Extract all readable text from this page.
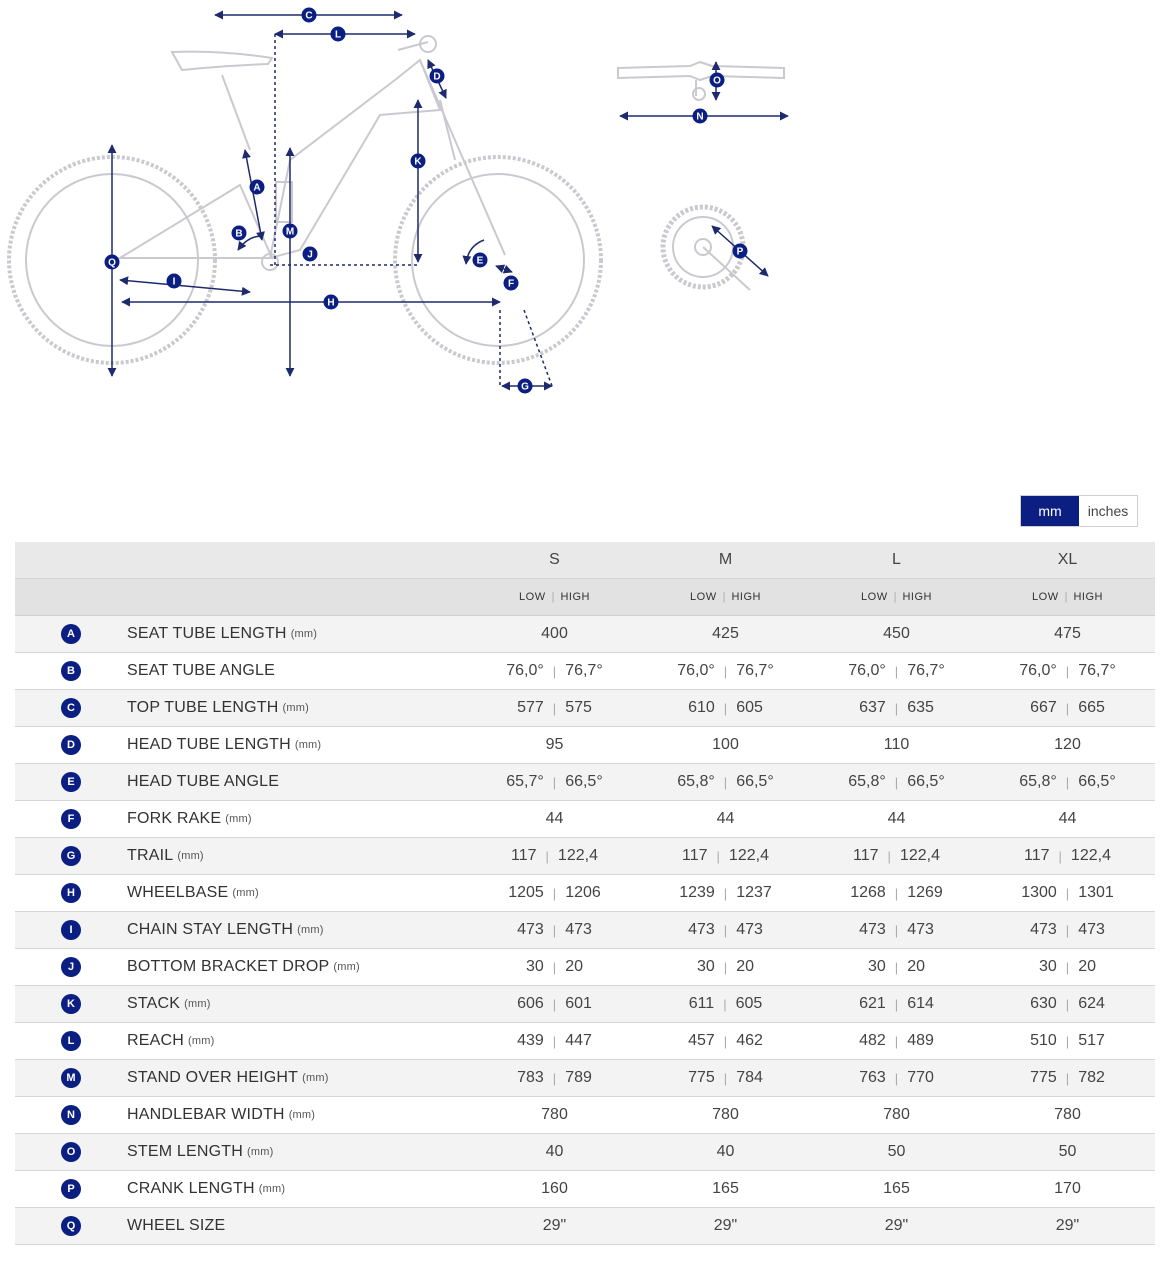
A
B
C
D
E
F
G
H
I
J
K
L
M
N
O
P
Q
mm	inches
S	M	L	XL
LOW | HIGH	LOW | HIGH	LOW | HIGH	LOW | HIGH
A	SEAT TUBE LENGTH (mm)	400	425	450	475
B	SEAT TUBE ANGLE	76,0° | 76,7°	76,0° | 76,7°	76,0° | 76,7°	76,0° | 76,7°
C	TOP TUBE LENGTH (mm)	577 | 575	610 | 605	637 | 635	667 | 665
D	HEAD TUBE LENGTH (mm)	95	100	110	120
E	HEAD TUBE ANGLE	65,7° | 66,5°	65,8° | 66,5°	65,8° | 66,5°	65,8° | 66,5°
F	FORK RAKE (mm)	44	44	44	44
G	TRAIL (mm)	117 | 122,4	117 | 122,4	117 | 122,4	117 | 122,4
H	WHEELBASE (mm)	1205 | 1206	1239 | 1237	1268 | 1269	1300 | 1301
I	CHAIN STAY LENGTH (mm)	473 | 473	473 | 473	473 | 473	473 | 473
J	BOTTOM BRACKET DROP (mm)	30 | 20	30 | 20	30 | 20	30 | 20
K	STACK (mm)	606 | 601	611 | 605	621 | 614	630 | 624
L	REACH (mm)	439 | 447	457 | 462	482 | 489	510 | 517
M	STAND OVER HEIGHT (mm)	783 | 789	775 | 784	763 | 770	775 | 782
N	HANDLEBAR WIDTH (mm)	780	780	780	780
O	STEM LENGTH (mm)	40	40	50	50
P	CRANK LENGTH (mm)	160	165	165	170
Q	WHEEL SIZE	29"	29"	29"	29"
